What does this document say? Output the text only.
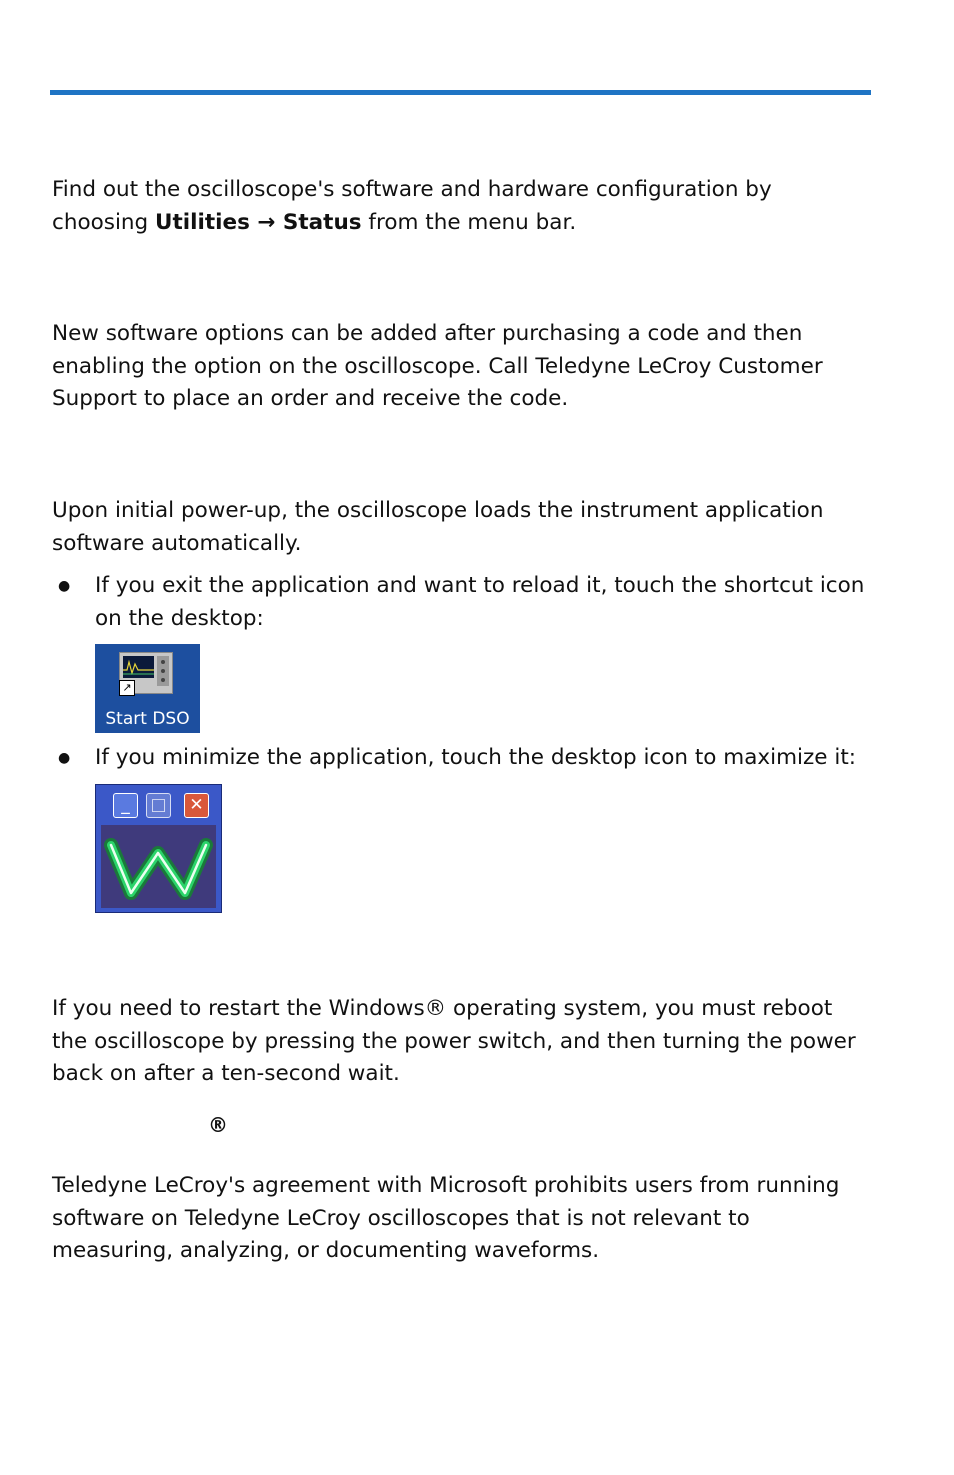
Find out the oscilloscope's software and hardware configuration by choosing Utilities → Status from the menu bar.

New software options can be added after purchasing a code and then enabling the option on the oscilloscope. Call Teledyne LeCroy Customer Support to place an order and receive the code.

Upon initial power-up, the oscilloscope loads the instrument application software automatically.

● If you exit the application and want to reload it, touch the shortcut icon on the desktop:
↗
Start DSO
● If you minimize the application, touch the desktop icon to maximize it:
_	□ ✕

If you need to restart the Windows® operating system, you must reboot the oscilloscope by pressing the power switch, and then turning the power back on after a ten-second wait.

®

Teledyne LeCroy's agreement with Microsoft prohibits users from running software on Teledyne LeCroy oscilloscopes that is not relevant to measuring, analyzing, or documenting waveforms.
